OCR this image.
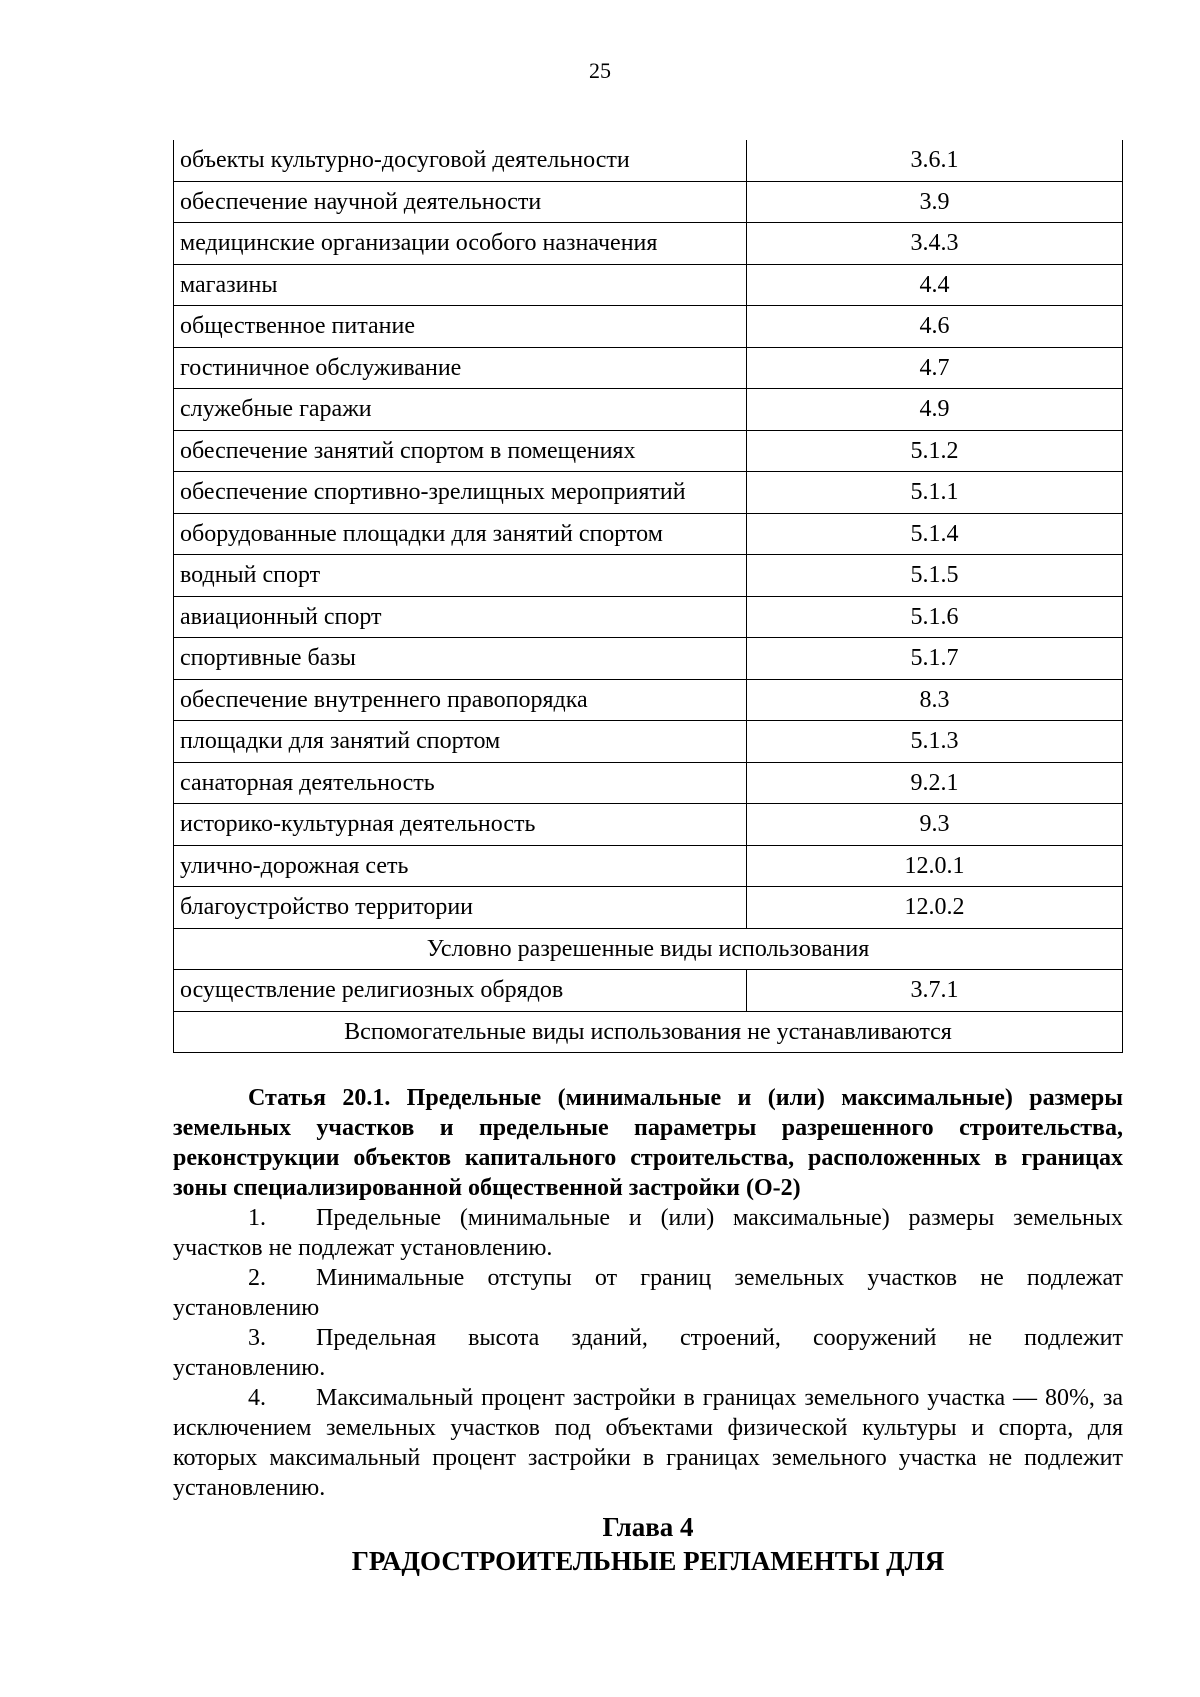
25
объекты культурно-досуговой деятельности	3.6.1
обеспечение научной деятельности	3.9
медицинские организации особого назначения	3.4.3
магазины	4.4
общественное питание	4.6
гостиничное обслуживание	4.7
служебные гаражи	4.9
обеспечение занятий спортом в помещениях	5.1.2
обеспечение спортивно-зрелищных мероприятий	5.1.1
оборудованные площадки для занятий спортом	5.1.4
водный спорт	5.1.5
авиационный спорт	5.1.6
спортивные базы	5.1.7
обеспечение внутреннего правопорядка	8.3
площадки для занятий спортом	5.1.3
санаторная деятельность	9.2.1
историко-культурная деятельность	9.3
улично-дорожная сеть	12.0.1
благоустройство территории	12.0.2
Условно разрешенные виды использования	
осуществление религиозных обрядов	3.7.1
Вспомогательные виды использования не устанавливаются	

Статья 20.1. Предельные (минимальные и (или) максимальные) размеры земельных участков и предельные параметры разрешенного строительства, реконструкции объектов капитального строительства, расположенных в границах зоны специализированной общественной застройки (О-2)

1. Предельные (минимальные и (или) максимальные) размеры земельных участков не подлежат установлению.

2. Минимальные отступы от границ земельных участков не подлежат установлению

3. Предельная высота зданий, строений, сооружений не подлежит установлению.

4. Максимальный процент застройки в границах земельного участка — 80%, за исключением земельных участков под объектами физической культуры и спорта, для которых максимальный процент застройки в границах земельного участка не подлежит установлению.

Глава 4
ГРАДОСТРОИТЕЛЬНЫЕ РЕГЛАМЕНТЫ ДЛЯ
